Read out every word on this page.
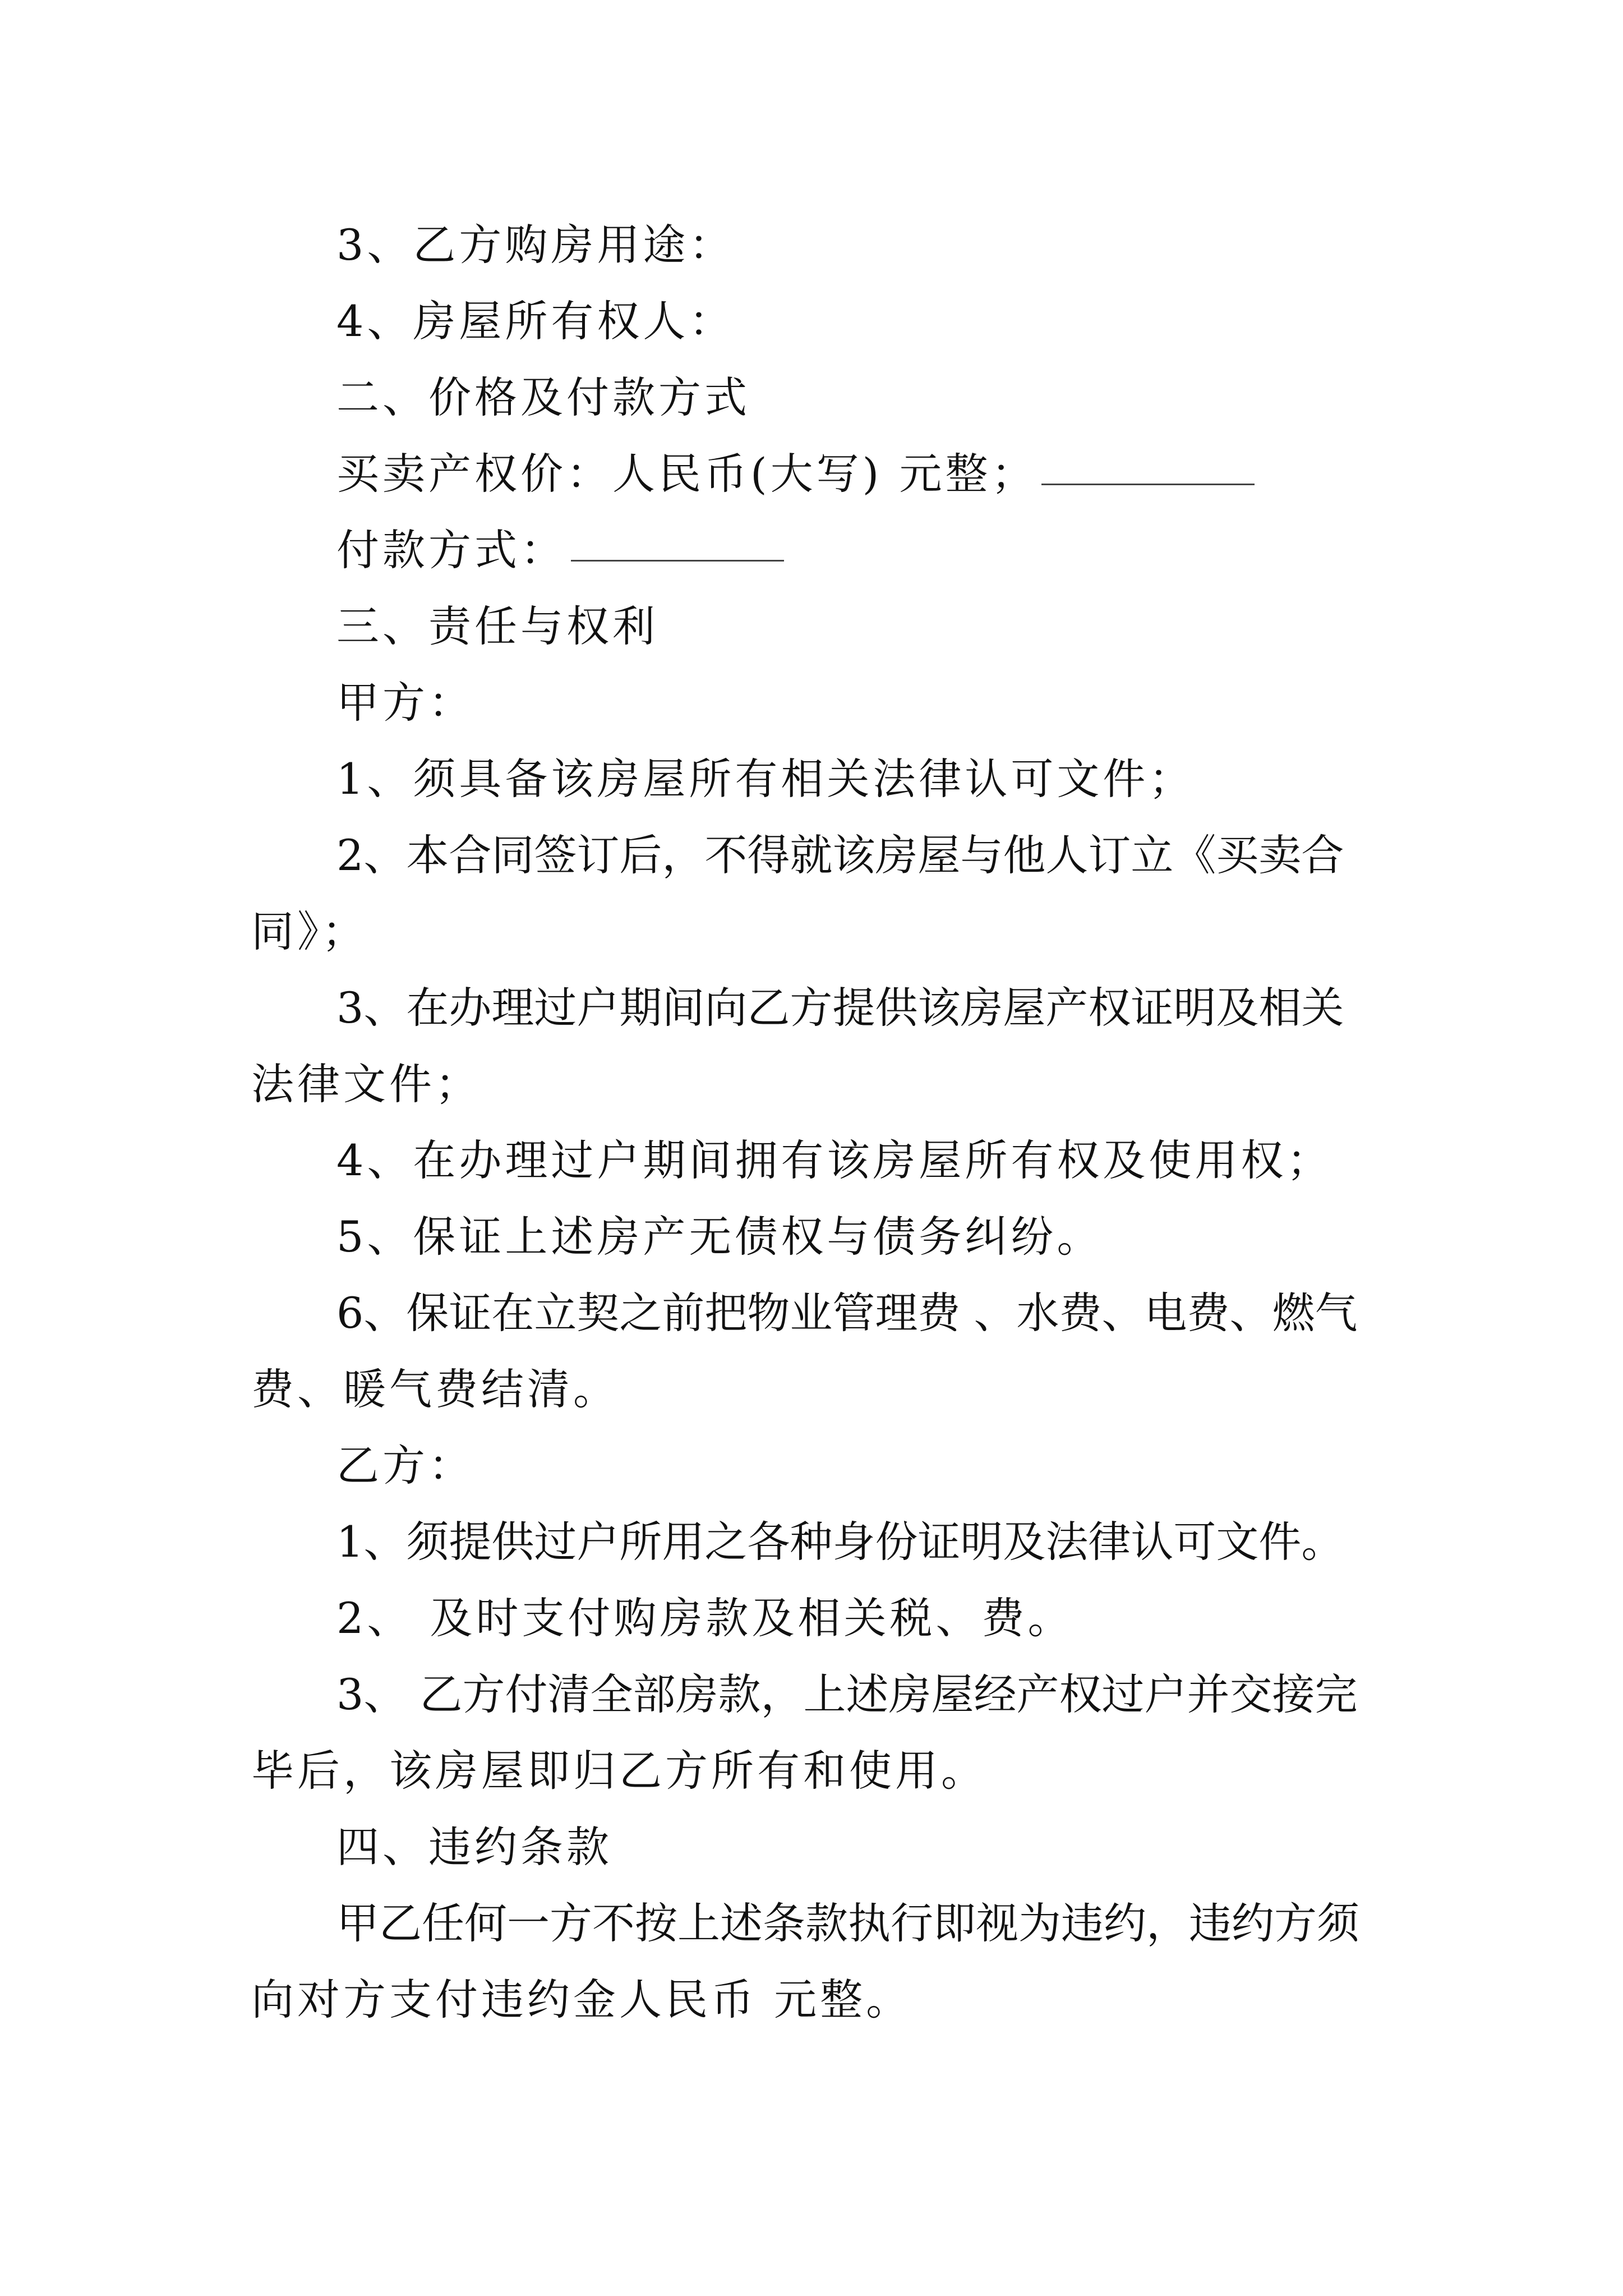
3、乙方购房用途：
4、房屋所有权人：
二、价格及付款方式
买卖产权价：人民币(大写) 元整；
付款方式：
三、责任与权利
甲方：
1、须具备该房屋所有相关法律认可文件；
2、本合同签订后，不得就该房屋与他人订立《买卖合
同》；
3、在办理过户期间向乙方提供该房屋产权证明及相关
法律文件；
4、在办理过户期间拥有该房屋所有权及使用权；
5、保证上述房产无债权与债务纠纷。
6、保证在立契之前把物业管理费 、水费、电费、燃气
费、暖气费结清。
乙方：
1、须提供过户所用之各种身份证明及法律认可文件。
2、 及时支付购房款及相关税、费。
3、 乙方付清全部房款，上述房屋经产权过户并交接完
毕后，该房屋即归乙方所有和使用。
四、违约条款
甲乙任何一方不按上述条款执行即视为违约，违约方须
向对方支付违约金人民币 元整。
